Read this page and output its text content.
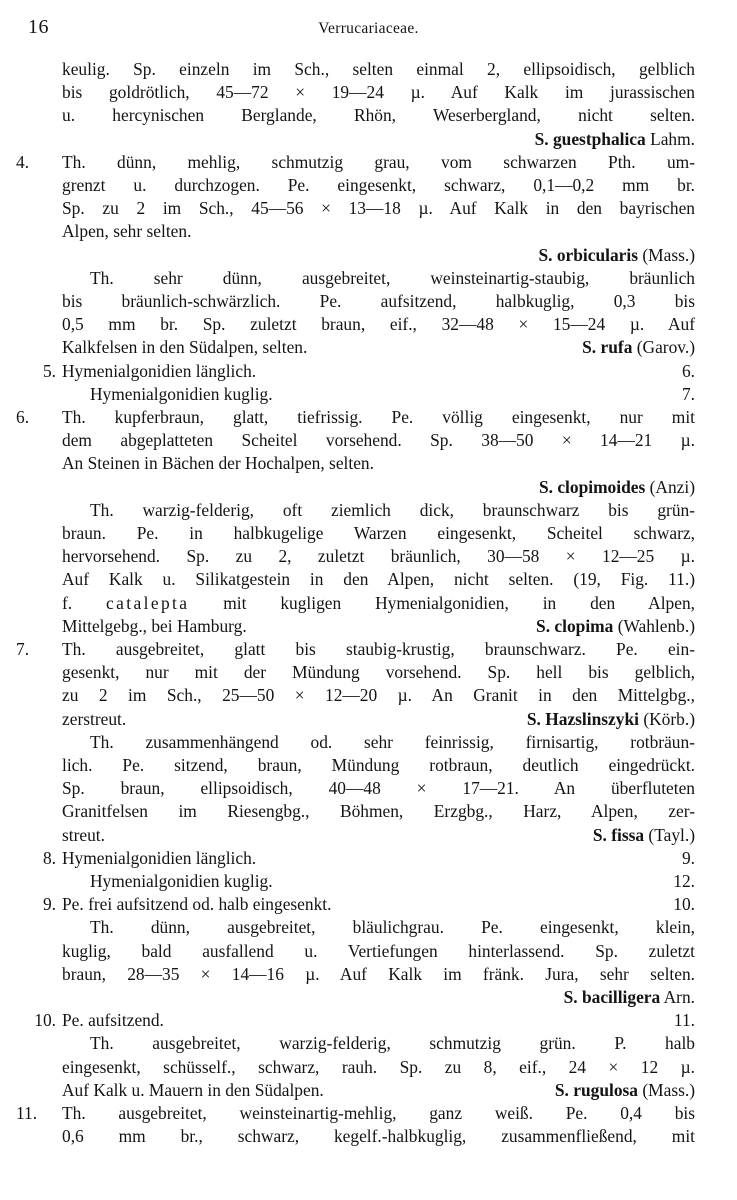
16	Verrucariaceae.
keulig. Sp. einzeln im Sch., selten einmal 2, ellipsoidisch, gelblich
bis goldrötlich, 45—72 × 19—24 µ. Auf Kalk im jurassischen
u. hercynischen Berglande, Rhön, Weserbergland, nicht selten.
S. guestphalica Lahm.
4.	Th. dünn, mehlig, schmutzig grau, vom schwarzen Pth. um-
grenzt u. durchzogen. Pe. eingesenkt, schwarz, 0,1—0,2 mm br.
Sp. zu 2 im Sch., 45—56 × 13—18 µ. Auf Kalk in den bayrischen
Alpen, sehr selten.
S. orbicularis (Mass.)
Th. sehr dünn, ausgebreitet, weinsteinartig-staubig, bräunlich
bis bräunlich-schwärzlich. Pe. aufsitzend, halbkuglig, 0,3 bis
0,5 mm br. Sp. zuletzt braun, eif., 32—48 × 15—24 µ. Auf
Kalkfelsen in den Südalpen, selten.	S. rufa (Garov.)
5. Hymenialgonidien länglich.	6.
Hymenialgonidien kuglig.	7.
6.	Th. kupferbraun, glatt, tiefrissig. Pe. völlig eingesenkt, nur mit
dem abgeplatteten Scheitel vorsehend. Sp. 38—50 × 14—21 µ.
An Steinen in Bächen der Hochalpen, selten.
S. clopimoides (Anzi)
Th. warzig-felderig, oft ziemlich dick, braunschwarz bis grün-
braun. Pe. in halbkugelige Warzen eingesenkt, Scheitel schwarz,
hervorsehend. Sp. zu 2, zuletzt bräunlich, 30—58 × 12—25 µ.
Auf Kalk u. Silikatgestein in den Alpen, nicht selten. (19, Fig. 11.)
f. catalepta mit kugligen Hymenialgonidien, in den Alpen,
Mittelgebg., bei Hamburg.	S. clopima (Wahlenb.)
7.	Th. ausgebreitet, glatt bis staubig-krustig, braunschwarz. Pe. ein-
gesenkt, nur mit der Mündung vorsehend. Sp. hell bis gelblich,
zu 2 im Sch., 25—50 × 12—20 µ. An Granit in den Mittelgbg.,
zerstreut.	S. Hazslinszyki (Körb.)
Th. zusammenhängend od. sehr feinrissig, firnisartig, rotbräun-
lich. Pe. sitzend, braun, Mündung rotbraun, deutlich eingedrückt.
Sp. braun, ellipsoidisch, 40—48 × 17—21. An überfluteten
Granitfelsen im Riesengbg., Böhmen, Erzgbg., Harz, Alpen, zer-
streut.	S. fissa (Tayl.)
8. Hymenialgonidien länglich.	9.
Hymenialgonidien kuglig.	12.
9. Pe. frei aufsitzend od. halb eingesenkt.	10.
Th. dünn, ausgebreitet, bläulichgrau. Pe. eingesenkt, klein,
kuglig, bald ausfallend u. Vertiefungen hinterlassend. Sp. zuletzt
braun, 28—35 × 14—16 µ. Auf Kalk im fränk. Jura, sehr selten.
S. bacilligera Arn.
10. Pe. aufsitzend.	11.
Th. ausgebreitet, warzig-felderig, schmutzig grün. P. halb
eingesenkt, schüsself., schwarz, rauh. Sp. zu 8, eif., 24 × 12 µ.
Auf Kalk u. Mauern in den Südalpen.	S. rugulosa (Mass.)
11.	Th. ausgebreitet, weinsteinartig-mehlig, ganz weiß. Pe. 0,4 bis
0,6 mm br., schwarz, kegelf.-halbkuglig, zusammenfließend, mit
